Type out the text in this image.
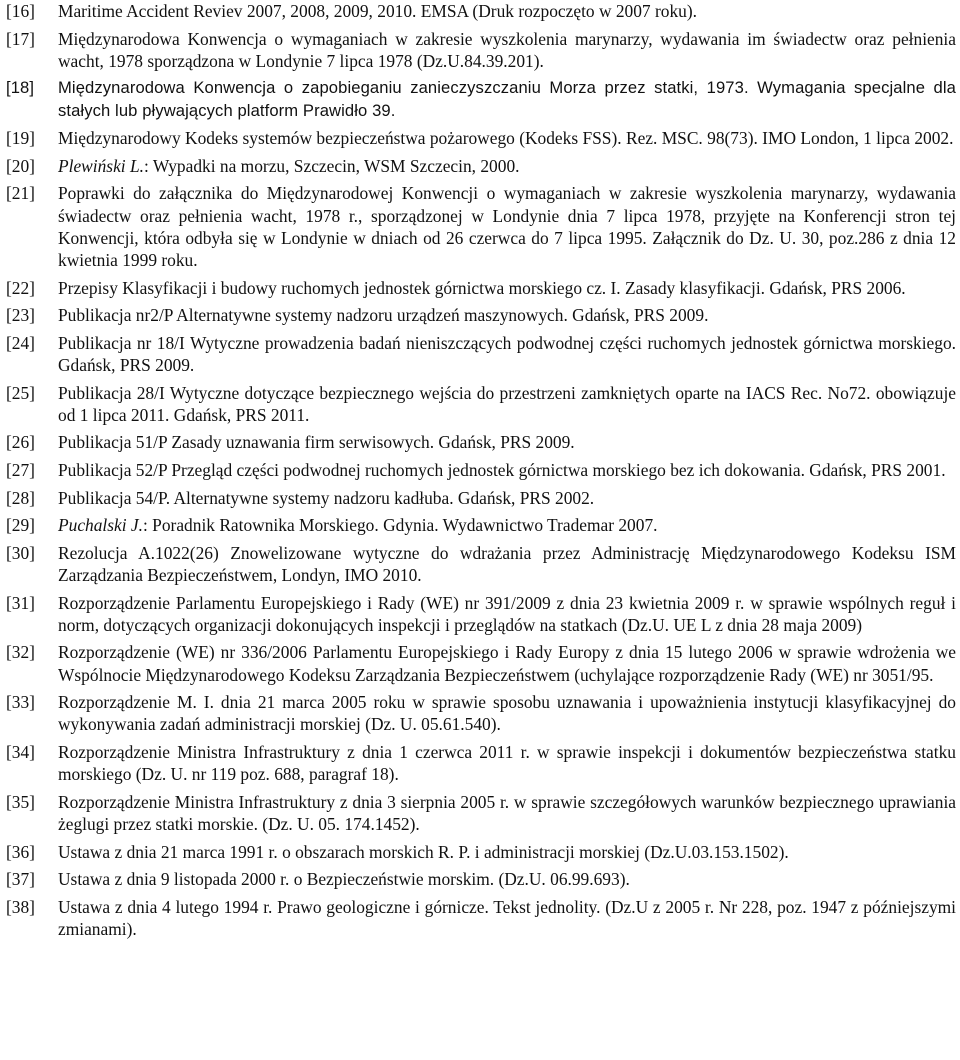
[16]	Maritime Accident Reviev 2007, 2008, 2009, 2010. EMSA (Druk rozpoczęto w 2007 roku).
[17]	Międzynarodowa Konwencja o wymaganiach w zakresie wyszkolenia marynarzy, wydawania im świadectw oraz pełnienia wacht, 1978 sporządzona w Londynie 7 lipca 1978 (Dz.U.84.39.201).
[18]	Międzynarodowa Konwencja o zapobieganiu zanieczyszczaniu Morza przez statki, 1973. Wymagania specjalne dla stałych lub pływających platform Prawidło 39.
[19]	Międzynarodowy Kodeks systemów bezpieczeństwa pożarowego (Kodeks FSS). Rez. MSC. 98(73). IMO London, 1 lipca 2002.
[20]	Plewiński L.: Wypadki na morzu, Szczecin, WSM Szczecin, 2000.
[21]	Poprawki do załącznika do Międzynarodowej Konwencji o wymaganiach w zakresie wyszkolenia marynarzy, wydawania świadectw oraz pełnienia wacht, 1978 r., sporządzonej w Londynie dnia 7 lipca 1978, przyjęte na Konferencji stron tej Konwencji, która odbyła się w Londynie w dniach od 26 czerwca do 7 lipca 1995. Załącznik do Dz. U. 30, poz.286 z dnia 12 kwietnia 1999 roku.
[22]	Przepisy Klasyfikacji i budowy ruchomych jednostek górnictwa morskiego cz. I. Zasady klasyfikacji. Gdańsk, PRS 2006.
[23]	Publikacja nr2/P Alternatywne systemy nadzoru urządzeń maszynowych. Gdańsk, PRS 2009.
[24]	Publikacja nr 18/I Wytyczne prowadzenia badań nieniszczących podwodnej części ruchomych jednostek górnictwa morskiego. Gdańsk, PRS 2009.
[25]	Publikacja 28/I Wytyczne dotyczące bezpiecznego wejścia do przestrzeni zamkniętych oparte na IACS Rec. No72. obowiązuje od 1 lipca 2011. Gdańsk, PRS 2011.
[26]	Publikacja 51/P Zasady uznawania firm serwisowych. Gdańsk, PRS 2009.
[27]	Publikacja 52/P Przegląd części podwodnej ruchomych jednostek górnictwa morskiego bez ich dokowania. Gdańsk, PRS 2001.
[28]	Publikacja 54/P. Alternatywne systemy nadzoru kadłuba. Gdańsk, PRS 2002.
[29]	Puchalski J.: Poradnik Ratownika Morskiego. Gdynia. Wydawnictwo Trademar 2007.
[30]	Rezolucja A.1022(26) Znowelizowane wytyczne do wdrażania przez Administrację Międzynarodowego Kodeksu ISM Zarządzania Bezpieczeństwem, Londyn, IMO 2010.
[31]	Rozporządzenie Parlamentu Europejskiego i Rady (WE) nr 391/2009 z dnia 23 kwietnia 2009 r. w sprawie wspólnych reguł i norm, dotyczących organizacji dokonujących inspekcji i przeglądów na statkach (Dz.U. UE L z dnia 28 maja 2009)
[32]	Rozporządzenie (WE) nr 336/2006 Parlamentu Europejskiego i Rady Europy z dnia 15 lutego 2006 w sprawie wdrożenia we Wspólnocie Międzynarodowego Kodeksu Zarządzania Bezpieczeństwem (uchylające rozporządzenie Rady (WE) nr 3051/95.
[33]	Rozporządzenie M. I. dnia 21 marca 2005 roku w sprawie sposobu uznawania i upoważnienia instytucji klasyfikacyjnej do wykonywania zadań administracji morskiej (Dz. U. 05.61.540).
[34]	Rozporządzenie Ministra Infrastruktury z dnia 1 czerwca 2011 r. w sprawie inspekcji i dokumentów bezpieczeństwa statku morskiego (Dz. U. nr 119 poz. 688, paragraf 18).
[35]	Rozporządzenie Ministra Infrastruktury z dnia 3 sierpnia 2005 r. w sprawie szczegółowych warunków bezpiecznego uprawiania żeglugi przez statki morskie. (Dz. U. 05. 174.1452).
[36]	Ustawa z dnia 21 marca 1991 r. o obszarach morskich R. P. i administracji morskiej (Dz.U.03.153.1502).
[37]	Ustawa z dnia 9 listopada 2000 r. o Bezpieczeństwie morskim. (Dz.U. 06.99.693).
[38]	Ustawa z dnia 4 lutego 1994 r. Prawo geologiczne i górnicze. Tekst jednolity. (Dz.U z 2005 r. Nr 228, poz. 1947 z późniejszymi zmianami).
